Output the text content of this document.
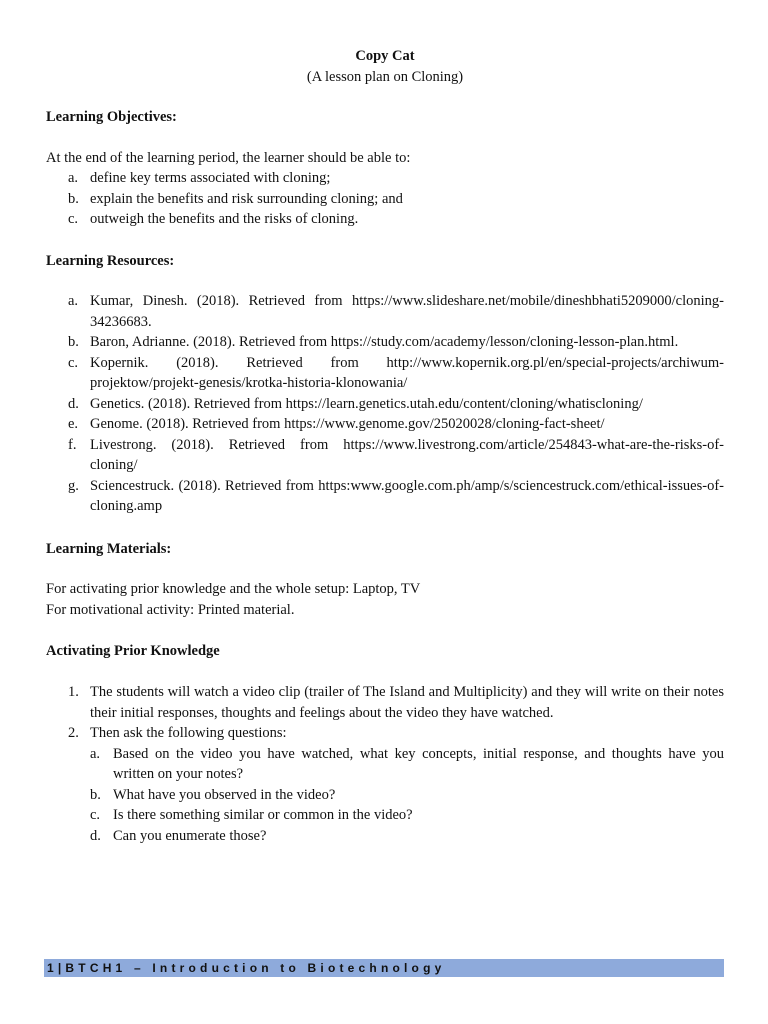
Copy Cat
(A lesson plan on Cloning)
Learning Objectives:
At the end of the learning period, the learner should be able to:
a. define key terms associated with cloning;
b. explain the benefits and risk surrounding cloning; and
c. outweigh the benefits and the risks of cloning.
Learning Resources:
a. Kumar, Dinesh. (2018). Retrieved from https://www.slideshare.net/mobile/dineshbhati5209000/cloning-34236683.
b. Baron, Adrianne. (2018). Retrieved from https://study.com/academy/lesson/cloning-lesson-plan.html.
c. Kopernik. (2018). Retrieved from http://www.kopernik.org.pl/en/special-projects/archiwum-projektow/projekt-genesis/krotka-historia-klonowania/
d. Genetics. (2018). Retrieved from https://learn.genetics.utah.edu/content/cloning/whatiscloning/
e. Genome. (2018). Retrieved from https://www.genome.gov/25020028/cloning-fact-sheet/
f. Livestrong. (2018). Retrieved from https://www.livestrong.com/article/254843-what-are-the-risks-of-cloning/
g. Sciencestruck. (2018). Retrieved from https:www.google.com.ph/amp/s/sciencestruck.com/ethical-issues-of-cloning.amp
Learning Materials:
For activating prior knowledge and the whole setup: Laptop, TV
For motivational activity: Printed material.
Activating Prior Knowledge
1. The students will watch a video clip (trailer of The Island and Multiplicity) and they will write on their notes their initial responses, thoughts and feelings about the video they have watched.
2. Then ask the following questions:
a. Based on the video you have watched, what key concepts, initial response, and thoughts have you written on your notes?
b. What have you observed in the video?
c. Is there something similar or common in the video?
d. Can you enumerate those?
1|BTCH1 – Introduction to Biotechnology
